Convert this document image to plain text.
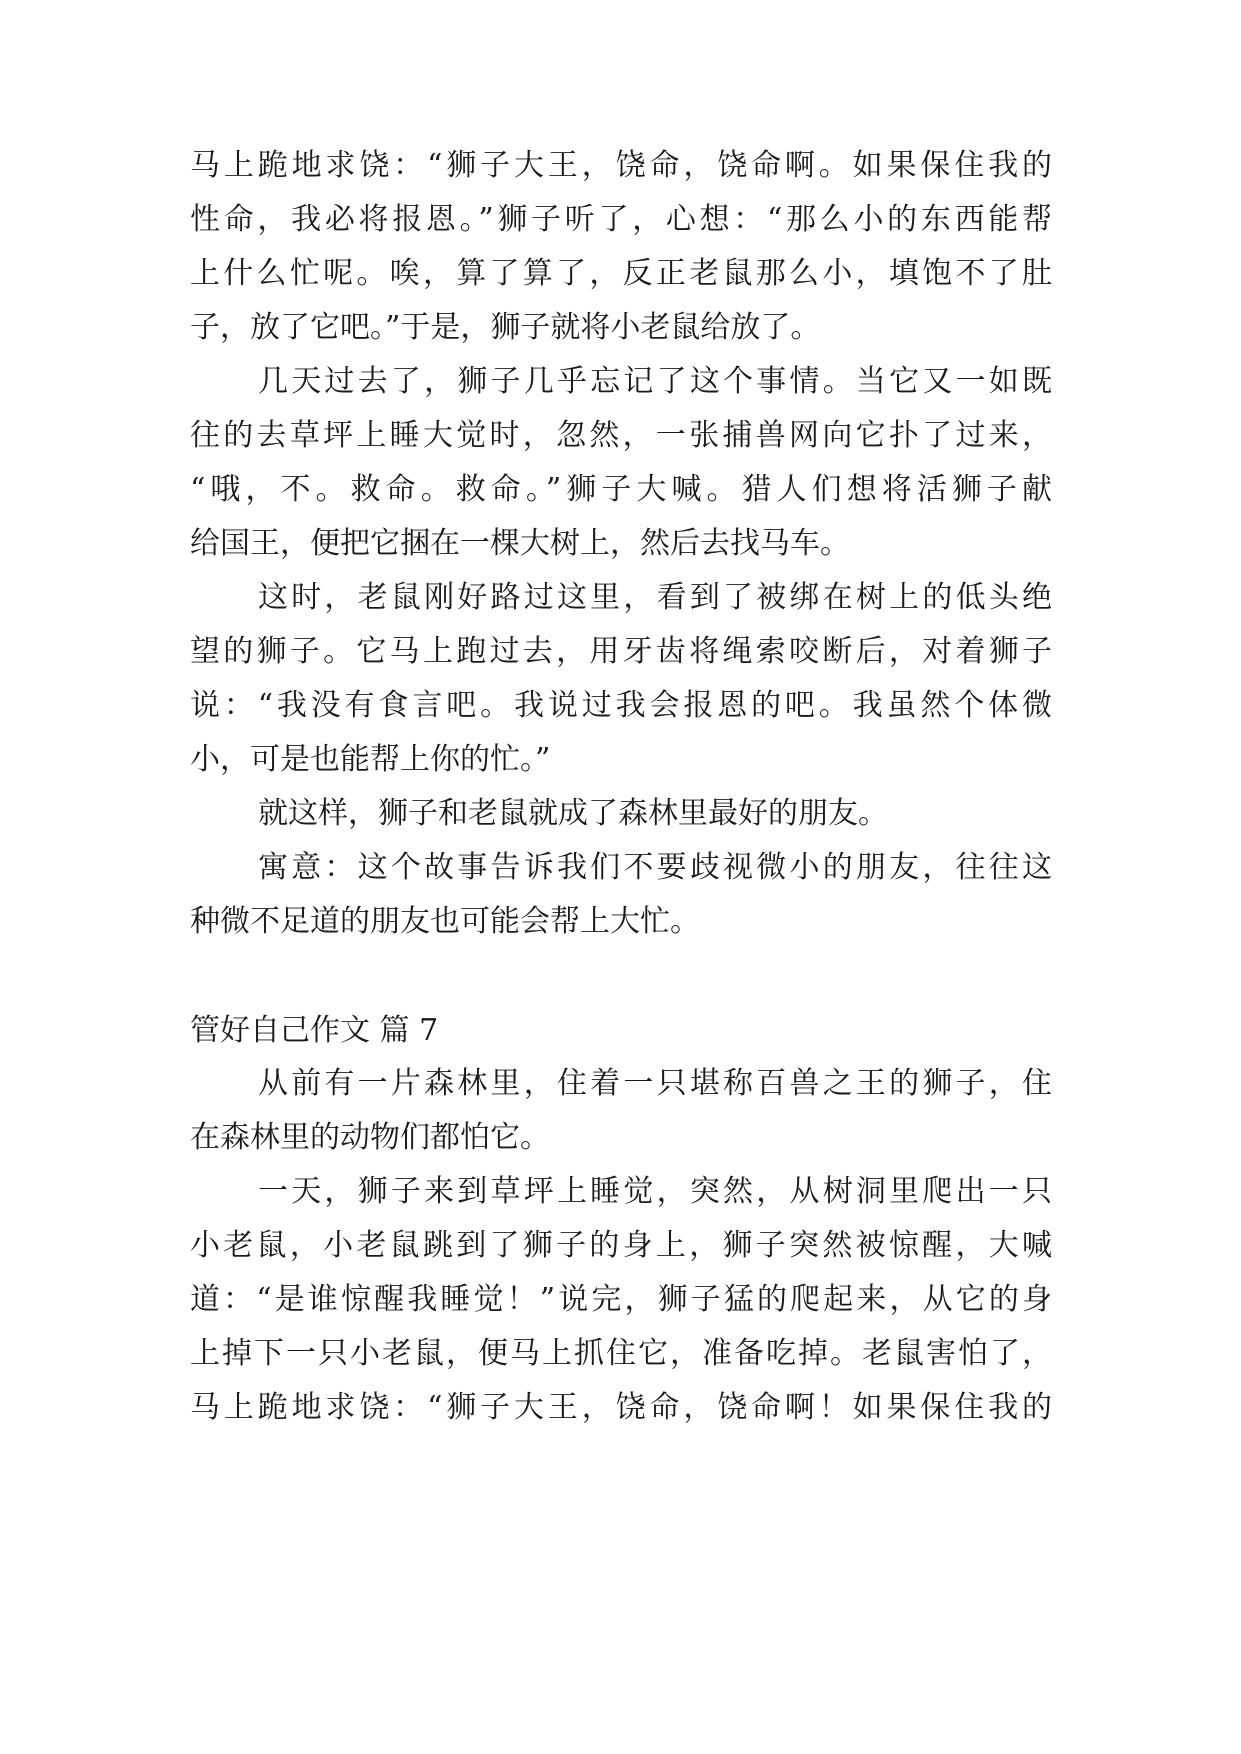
马上跪地求饶：“狮子大王，饶命，饶命啊。如果保住我的
性命，我必将报恩。”狮子听了，心想：“那么小的东西能帮
上什么忙呢。唉，算了算了，反正老鼠那么小，填饱不了肚
子，放了它吧。”于是，狮子就将小老鼠给放了。
几天过去了，狮子几乎忘记了这个事情。当它又一如既
往的去草坪上睡大觉时，忽然，一张捕兽网向它扑了过来，
“哦，不。救命。救命。”狮子大喊。猎人们想将活狮子献
给国王，便把它捆在一棵大树上，然后去找马车。
这时，老鼠刚好路过这里，看到了被绑在树上的低头绝
望的狮子。它马上跑过去，用牙齿将绳索咬断后，对着狮子
说：“我没有食言吧。我说过我会报恩的吧。我虽然个体微
小，可是也能帮上你的忙。”
就这样，狮子和老鼠就成了森林里最好的朋友。
寓意：这个故事告诉我们不要歧视微小的朋友，往往这
种微不足道的朋友也可能会帮上大忙。
管好自己作文 篇 7
从前有一片森林里，住着一只堪称百兽之王的狮子，住
在森林里的动物们都怕它。
一天，狮子来到草坪上睡觉，突然，从树洞里爬出一只
小老鼠，小老鼠跳到了狮子的身上，狮子突然被惊醒，大喊
道：“是谁惊醒我睡觉！”说完，狮子猛的爬起来，从它的身
上掉下一只小老鼠，便马上抓住它，准备吃掉。老鼠害怕了，
马上跪地求饶：“狮子大王，饶命，饶命啊！如果保住我的
